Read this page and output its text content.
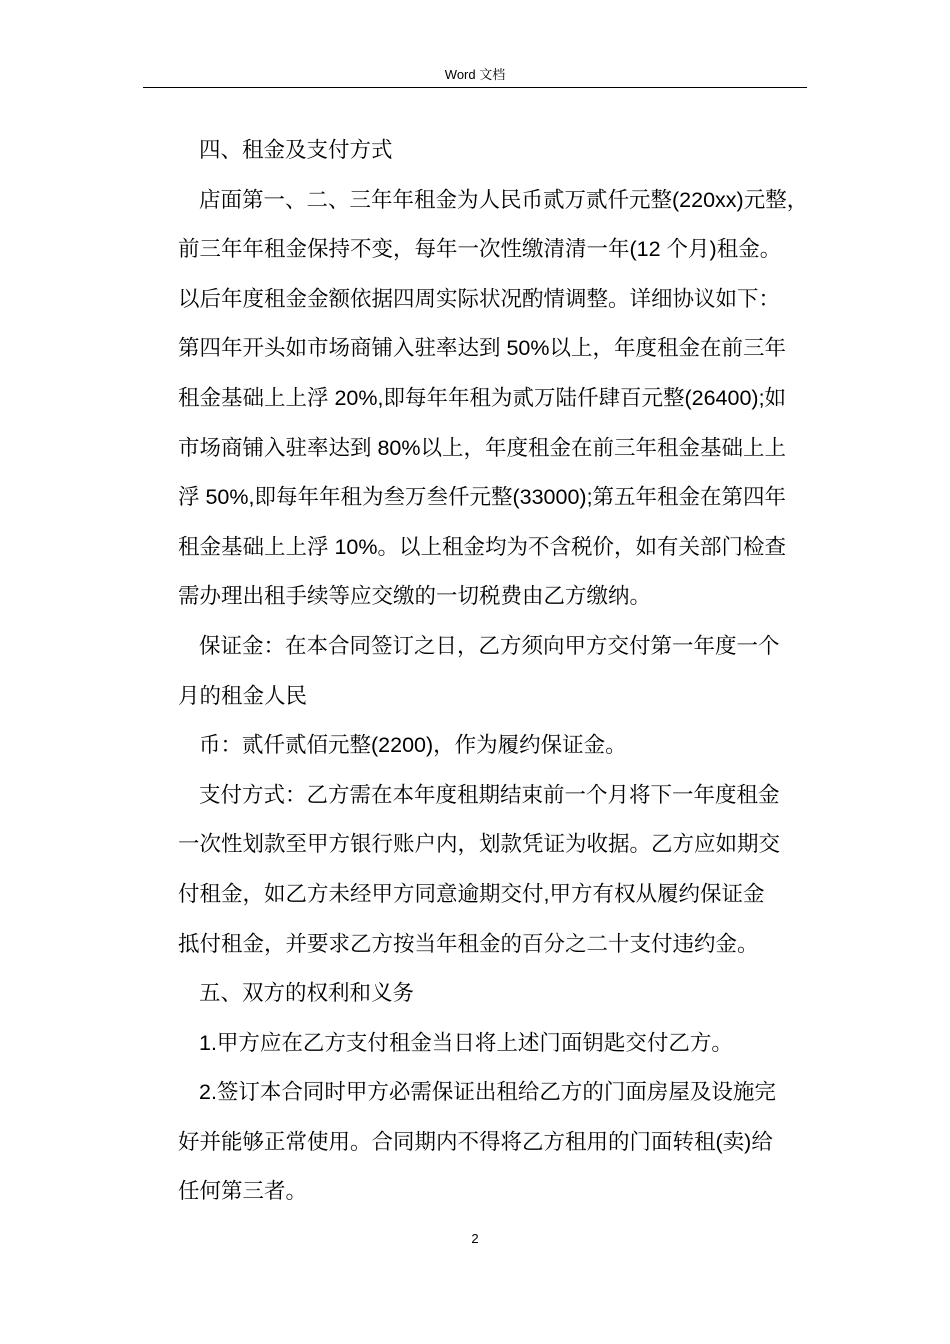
Word 文档

四、租金及支付方式

店面第一、二、三年年租金为人民币贰万贰仟元整(220xx)元整，

前三年年租金保持不变，每年一次性缴清清一年(12 个月)租金。

以后年度租金金额依据四周实际状况酌情调整。详细协议如下：

第四年开头如市场商铺入驻率达到 50%以上，年度租金在前三年

租金基础上上浮 20%,即每年年租为贰万陆仟肆百元整(26400);如

市场商铺入驻率达到 80%以上，年度租金在前三年租金基础上上

浮 50%,即每年年租为叁万叁仟元整(33000);第五年租金在第四年

租金基础上上浮 10%。以上租金均为不含税价，如有关部门检查

需办理出租手续等应交缴的一切税费由乙方缴纳。

保证金：在本合同签订之日，乙方须向甲方交付第一年度一个

月的租金人民

币：贰仟贰佰元整(2200)，作为履约保证金。

支付方式：乙方需在本年度租期结束前一个月将下一年度租金

一次性划款至甲方银行账户内，划款凭证为收据。乙方应如期交

付租金，如乙方未经甲方同意逾期交付,甲方有权从履约保证金

抵付租金，并要求乙方按当年租金的百分之二十支付违约金。

五、双方的权利和义务

1.甲方应在乙方支付租金当日将上述门面钥匙交付乙方。

2.签订本合同时甲方必需保证出租给乙方的门面房屋及设施完

好并能够正常使用。合同期内不得将乙方租用的门面转租(卖)给

任何第三者。

2
